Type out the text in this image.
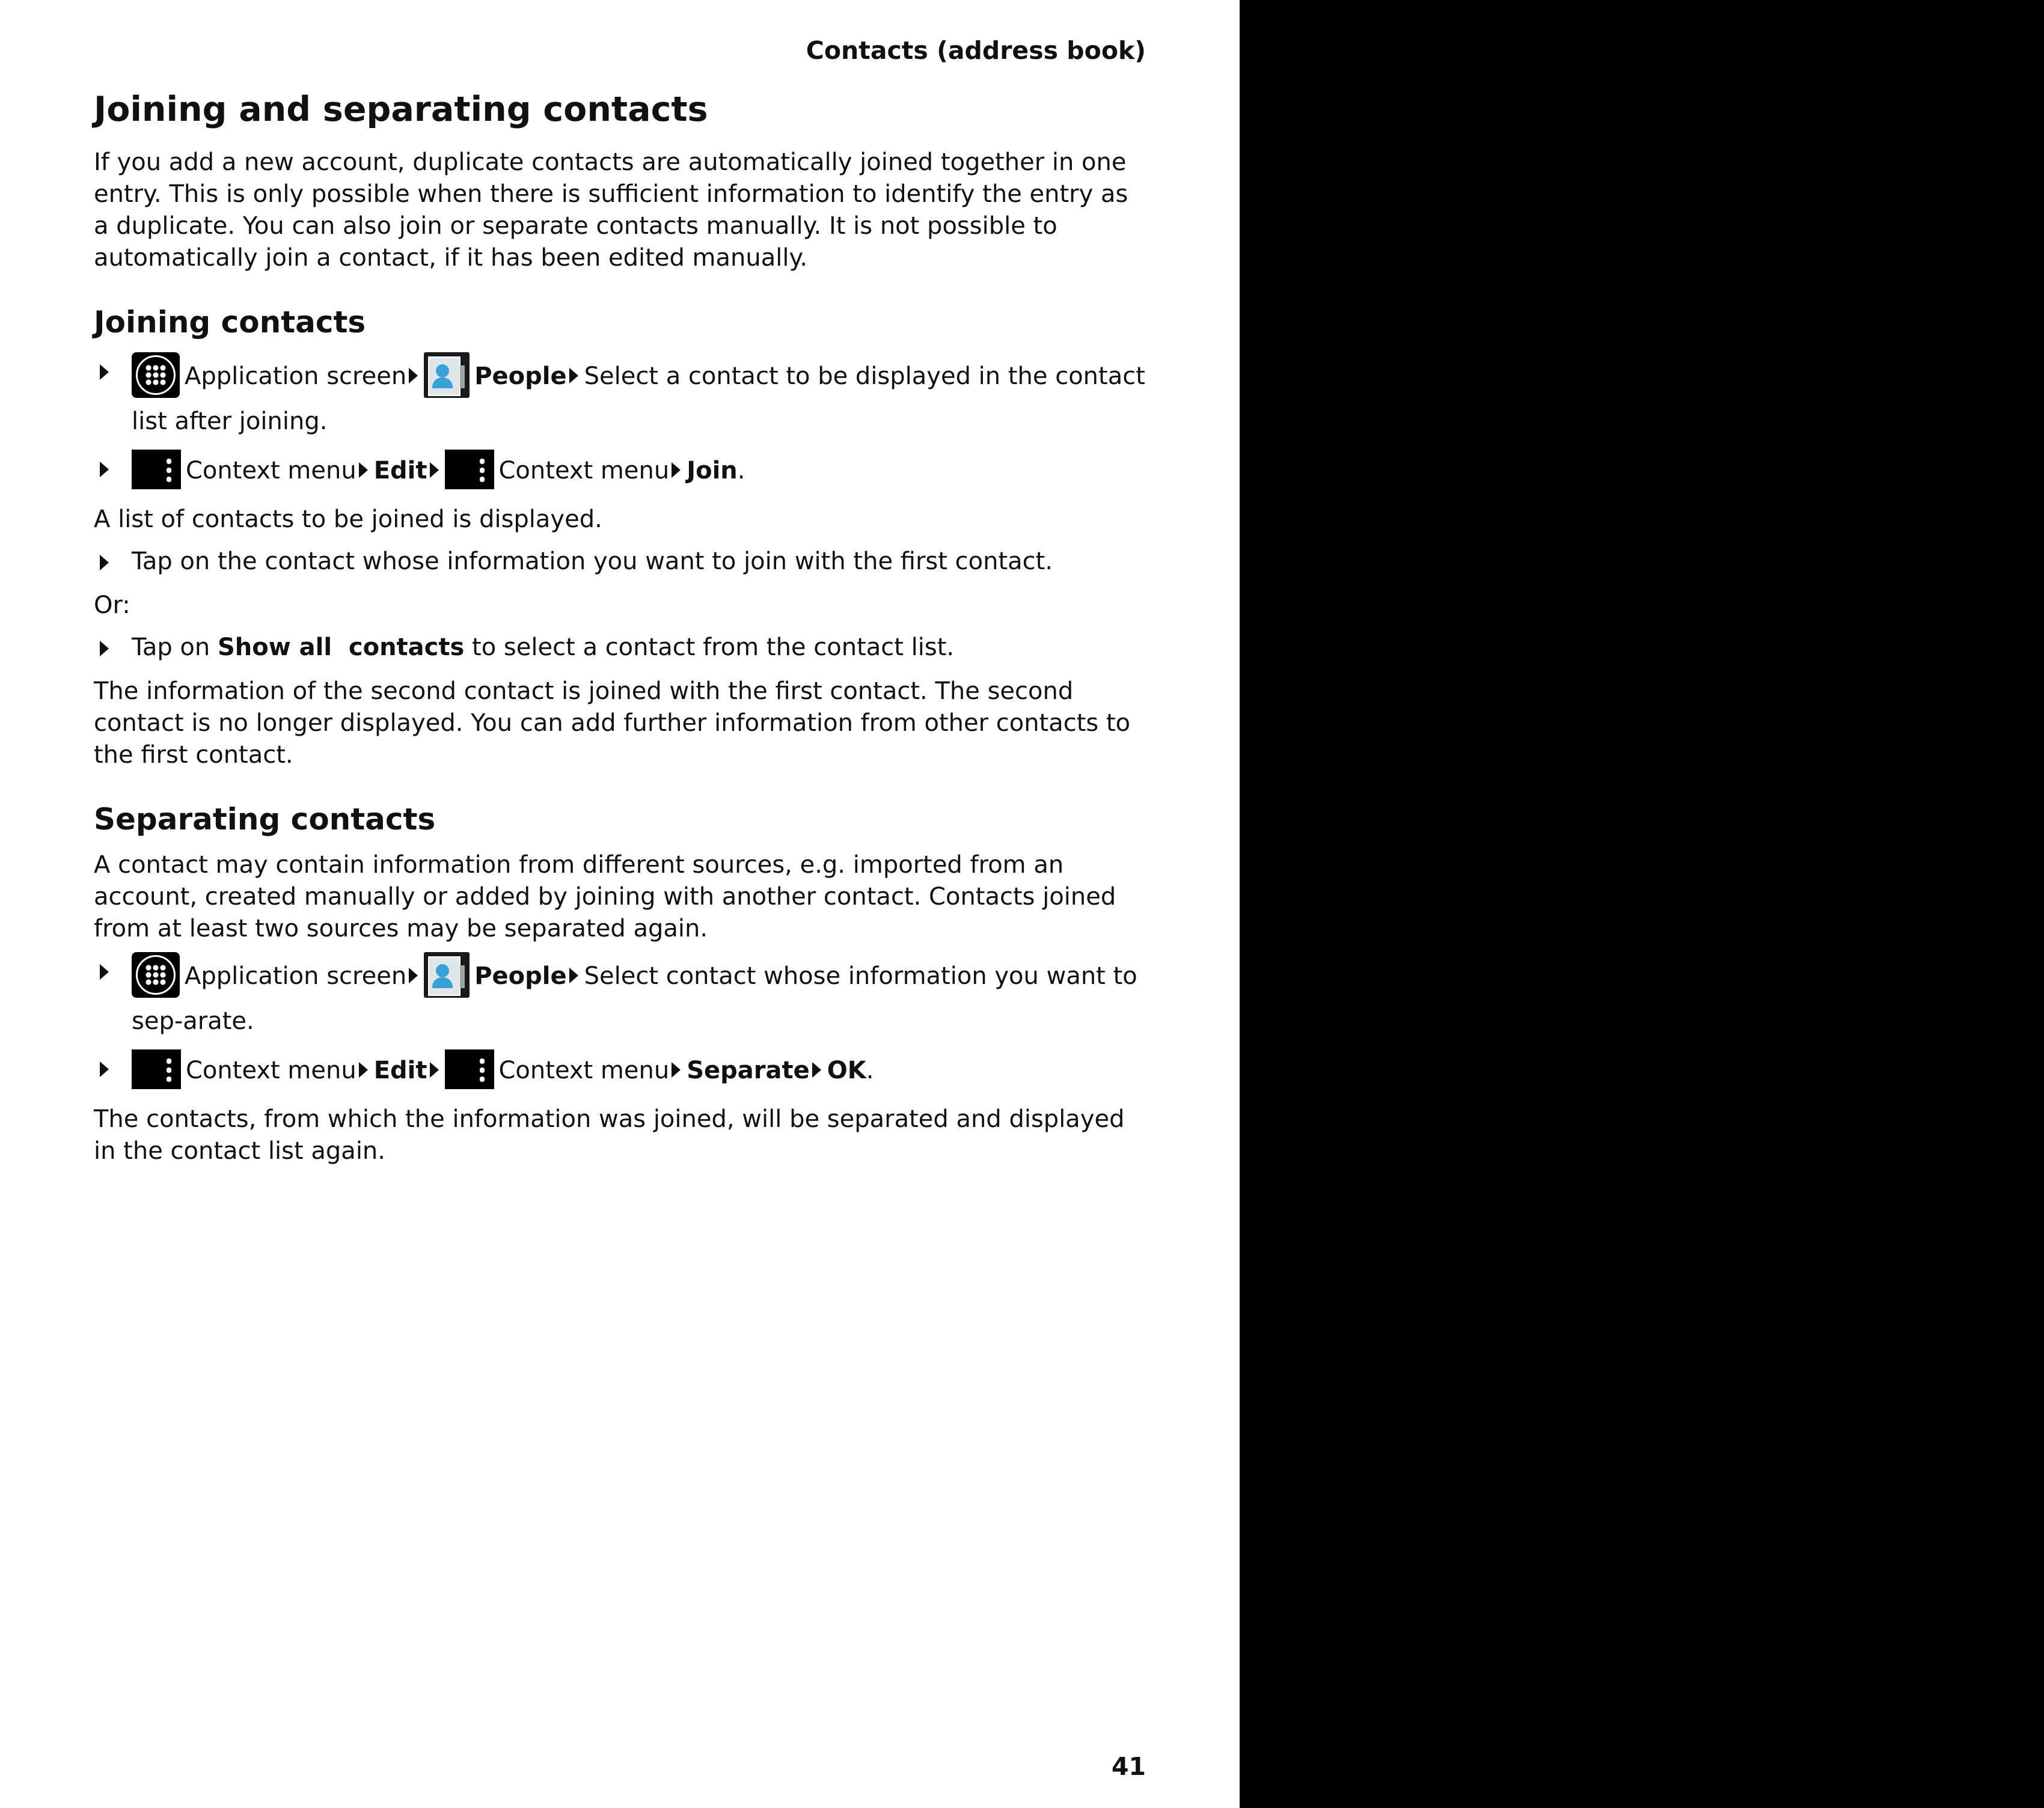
Contacts (address book)
Joining and separating contacts

If you add a new account, duplicate contacts are automatically joined together in one entry. This is only possible when there is sufficient information to identify the entry as a duplicate. You can also join or separate contacts manually. It is not possible to automatically join a contact, if it has been edited manually.

Joining contacts
Application screen	People Select a contact to be displayed in the contact list after joining.
Context menu Edit	Context menu Join.

A list of contacts to be joined is displayed.

Tap on the contact whose information you want to join with the first contact.

Or:

Tap on Show all  contacts to select a contact from the contact list.

The information of the second contact is joined with the first contact. The second contact is no longer displayed. You can add further information from other contacts to the first contact.

Separating contacts

A contact may contain information from different sources, e.g. imported from an account, created manually or added by joining with another contact. Contacts joined from at least two sources may be separated again.

Application screen	People Select contact whose information you want to sep-arate.
Context menu Edit	Context menu Separate OK.

The contacts, from which the information was joined, will be separated and displayed in the contact list again.

41
